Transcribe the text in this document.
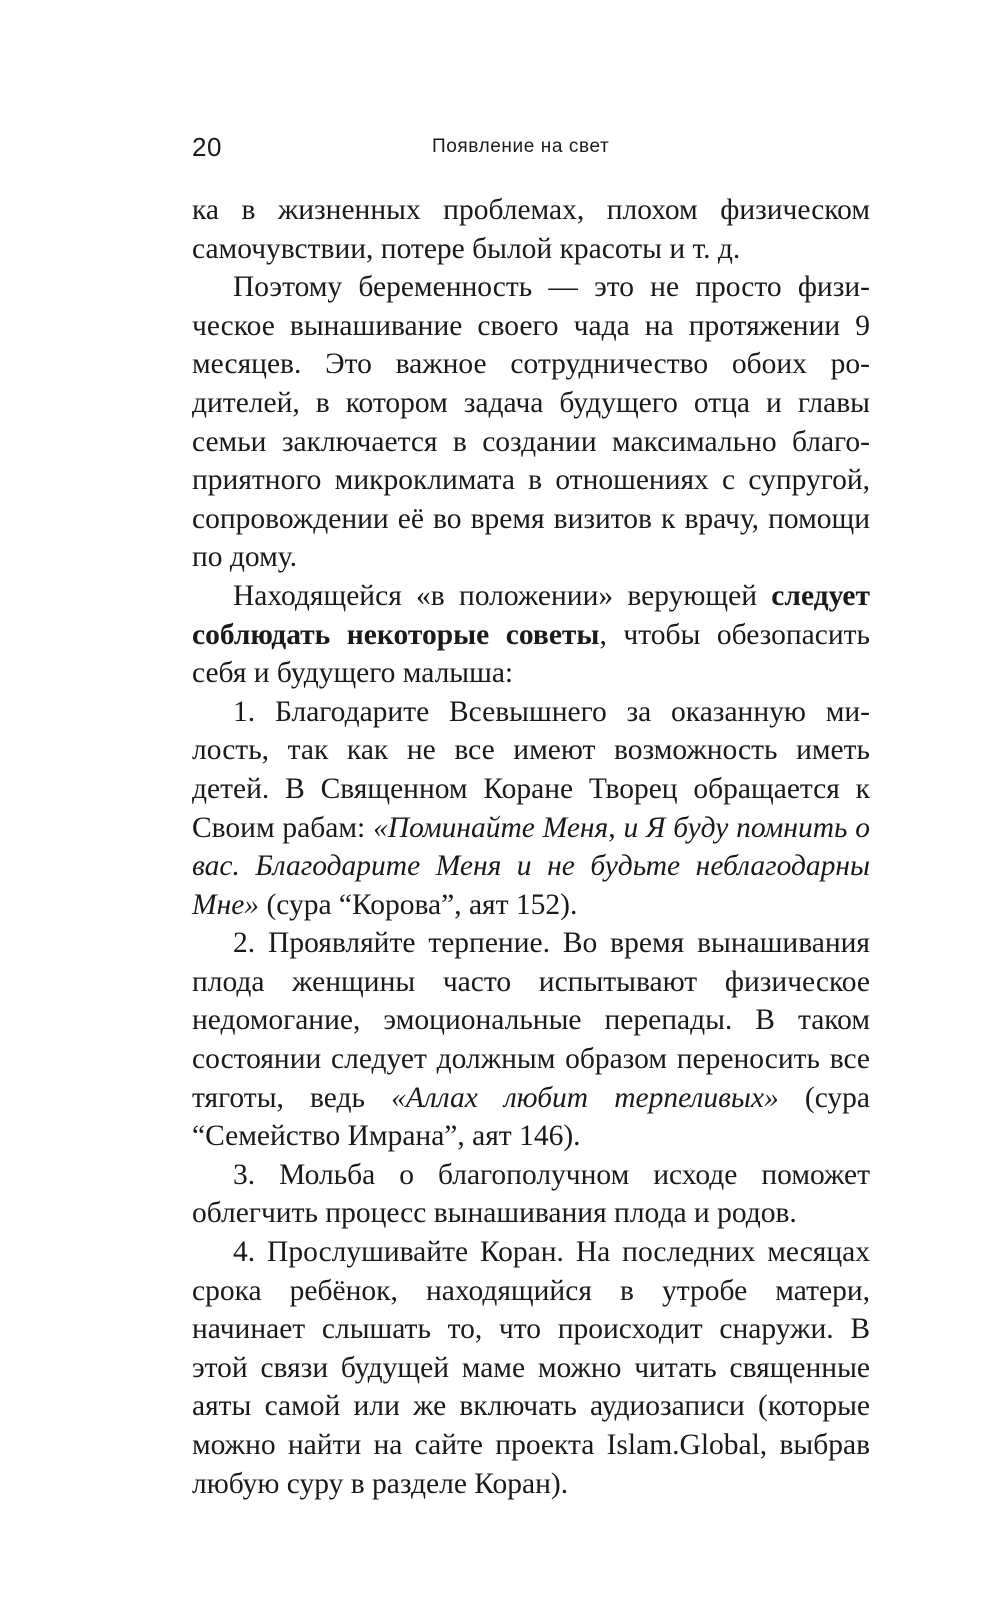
20	Появление на свет

ка в жизненных проблемах, плохом физическом самочувствии, потере былой красоты и т. д.

Поэтому беременность — это не просто физическое вынашивание своего чада на протяжении 9 месяцев. Это важное сотрудничество обоих родителей, в котором задача будущего отца и главы семьи заключается в создании максимально благоприятного микроклимата в отношениях с супругой, сопровождении её во время визитов к врачу, помощи по дому.

Находящейся «в положении» верующей следует соблюдать некоторые советы, чтобы обезопасить себя и будущего малыша:

1. Благодарите Всевышнего за оказанную милость, так как не все имеют возможность иметь детей. В Священном Коране Творец обращается к Своим рабам: «Поминайте Меня, и Я буду помнить о вас. Благодарите Меня и не будьте неблагодарны Мне» (сура “Корова”, аят 152).

2. Проявляйте терпение. Во время вынашивания плода женщины часто испытывают физическое недомогание, эмоциональные перепады. В таком состоянии следует должным образом переносить все тяготы, ведь «Аллах любит терпеливых» (сура “Семейство Имрана”, аят 146).

3. Мольба о благополучном исходе поможет облегчить процесс вынашивания плода и родов.

4. Прослушивайте Коран. На последних месяцах срока ребёнок, находящийся в утробе матери, начинает слышать то, что происходит снаружи. В этой связи будущей маме можно читать священные аяты самой или же включать аудиозаписи (которые можно найти на сайте проекта Islam.Global, выбрав любую суру в разделе Коран).
